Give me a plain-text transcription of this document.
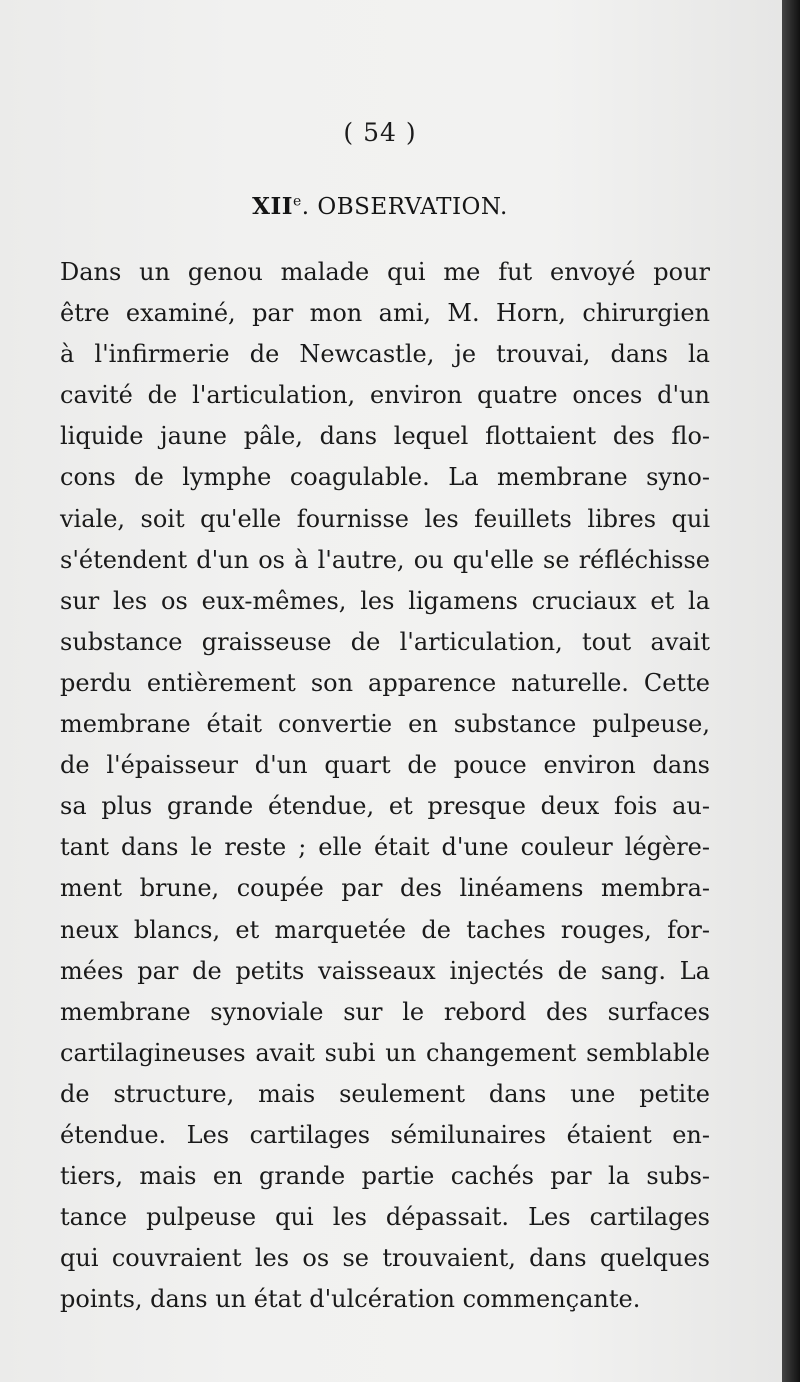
( 54 )
XIIe. OBSERVATION.
Dans un genou malade qui me fut envoyé pour
être examiné, par mon ami, M. Horn, chirurgien
à l'infirmerie de Newcastle, je trouvai, dans la
cavité de l'articulation, environ quatre onces d'un
liquide jaune pâle, dans lequel flottaient des flo-
cons de lymphe coagulable. La membrane syno-
viale, soit qu'elle fournisse les feuillets libres qui
s'étendent d'un os à l'autre, ou qu'elle se réfléchisse
sur les os eux-mêmes, les ligamens cruciaux et la
substance graisseuse de l'articulation, tout avait
perdu entièrement son apparence naturelle. Cette
membrane était convertie en substance pulpeuse,
de l'épaisseur d'un quart de pouce environ dans
sa plus grande étendue, et presque deux fois au-
tant dans le reste ; elle était d'une couleur légère-
ment brune, coupée par des linéamens membra-
neux blancs, et marquetée de taches rouges, for-
mées par de petits vaisseaux injectés de sang. La
membrane synoviale sur le rebord des surfaces
cartilagineuses avait subi un changement semblable
de structure, mais seulement dans une petite
étendue. Les cartilages sémilunaires étaient en-
tiers, mais en grande partie cachés par la subs-
tance pulpeuse qui les dépassait. Les cartilages
qui couvraient les os se trouvaient, dans quelques
points, dans un état d'ulcération commençante.
